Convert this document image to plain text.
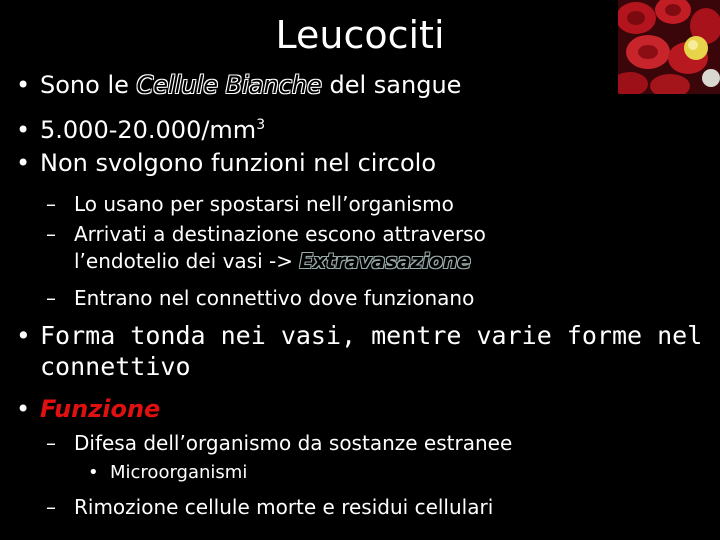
Leucociti
• Sono le Cellule Bianche del sangue
• $5.000-20.000/mm^3$
• Non svolgono funzioni nel circolo
– Lo usano per spostarsi nell’organismo
– Arrivati a destinazione escono attraverso
l’endotelio dei vasi -> Extravasazione
– Entrano nel connettivo dove funzionano
• Forma tonda nei vasi, mentre varie forme nel
connettivo
• Funzione
– Difesa dell’organismo da sostanze estranee
• Microorganismi
– Rimozione cellule morte e residui cellulari
